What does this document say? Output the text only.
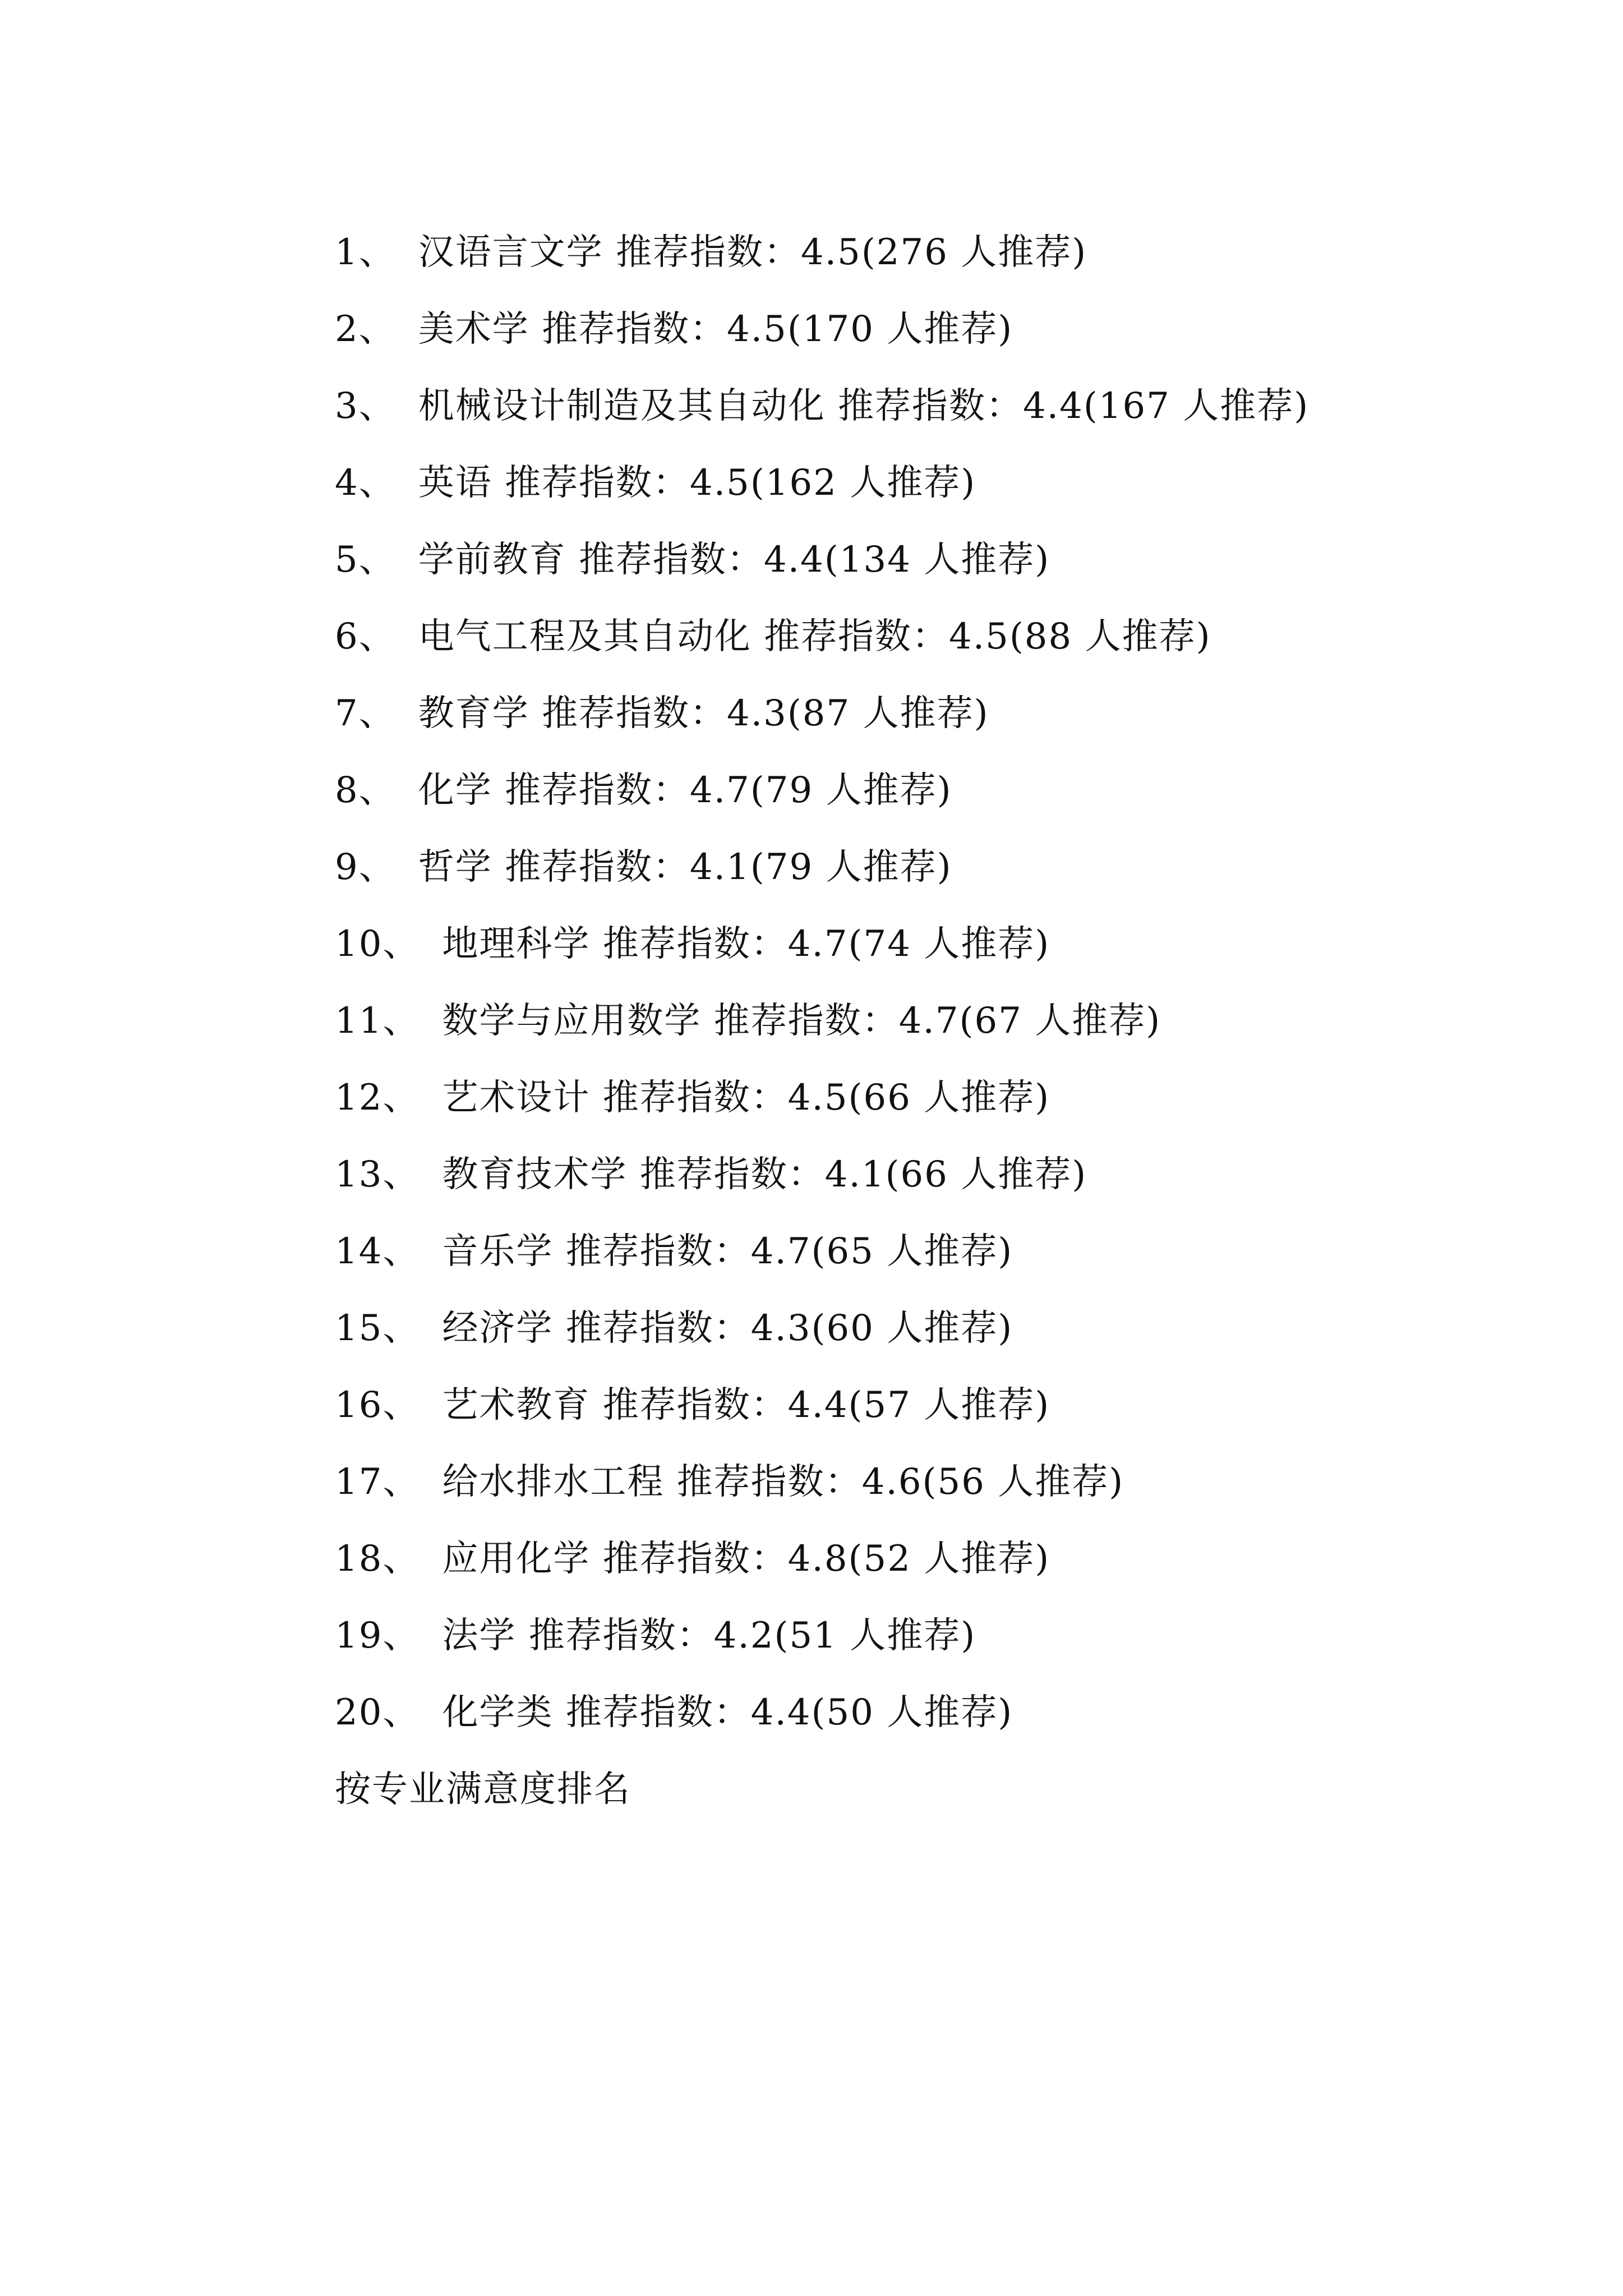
1、 汉语言文学 推荐指数：4.5(276 人推荐)
2、 美术学 推荐指数：4.5(170 人推荐)
3、 机械设计制造及其自动化 推荐指数：4.4(167 人推荐)
4、 英语 推荐指数：4.5(162 人推荐)
5、 学前教育 推荐指数：4.4(134 人推荐)
6、 电气工程及其自动化 推荐指数：4.5(88 人推荐)
7、 教育学 推荐指数：4.3(87 人推荐)
8、 化学 推荐指数：4.7(79 人推荐)
9、 哲学 推荐指数：4.1(79 人推荐)
10、 地理科学 推荐指数：4.7(74 人推荐)
11、 数学与应用数学 推荐指数：4.7(67 人推荐)
12、 艺术设计 推荐指数：4.5(66 人推荐)
13、 教育技术学 推荐指数：4.1(66 人推荐)
14、 音乐学 推荐指数：4.7(65 人推荐)
15、 经济学 推荐指数：4.3(60 人推荐)
16、 艺术教育 推荐指数：4.4(57 人推荐)
17、 给水排水工程 推荐指数：4.6(56 人推荐)
18、 应用化学 推荐指数：4.8(52 人推荐)
19、 法学 推荐指数：4.2(51 人推荐)
20、 化学类 推荐指数：4.4(50 人推荐)
按专业满意度排名
